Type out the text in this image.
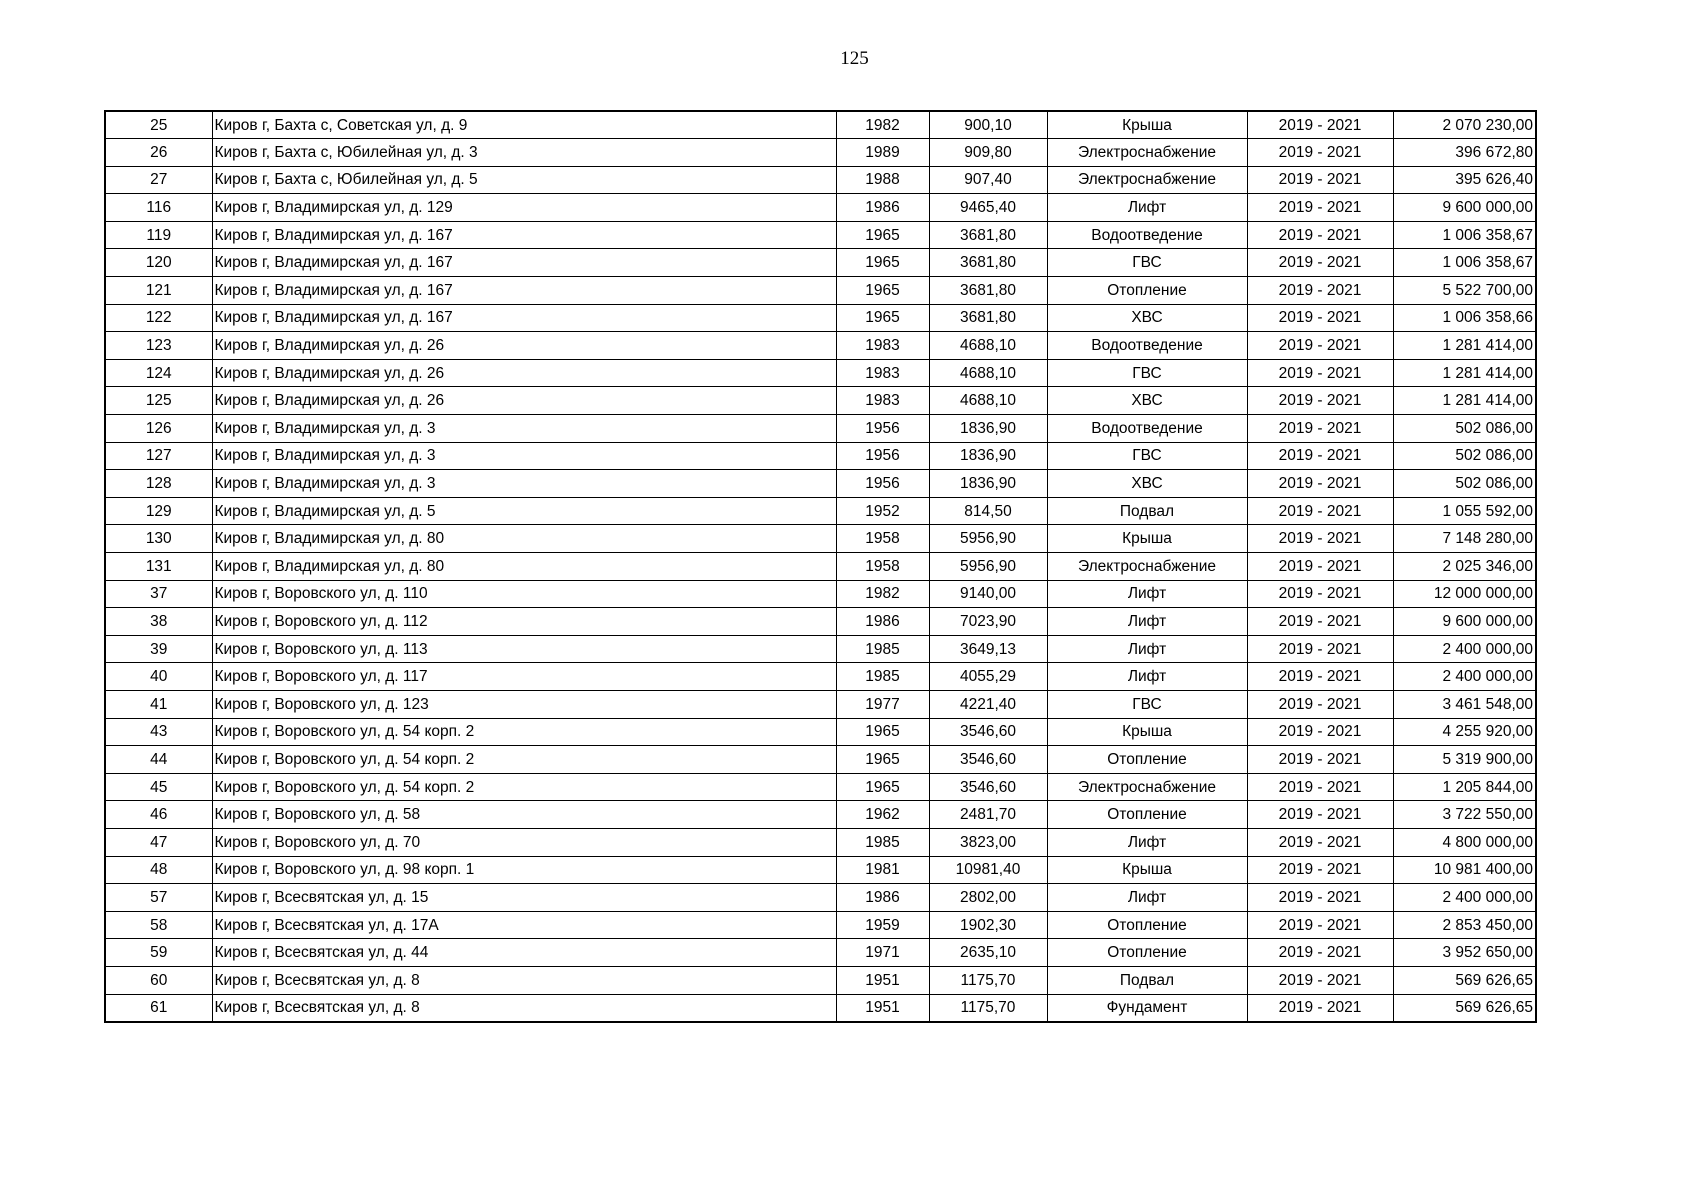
125
25	Киров г, Бахта с, Советская ул, д. 9	1982	900,10	Крыша	2019 - 2021	2 070 230,00
26	Киров г, Бахта с, Юбилейная ул, д. 3	1989	909,80	Электроснабжение	2019 - 2021	396 672,80
27	Киров г, Бахта с, Юбилейная ул, д. 5	1988	907,40	Электроснабжение	2019 - 2021	395 626,40
116	Киров г, Владимирская ул, д. 129	1986	9465,40	Лифт	2019 - 2021	9 600 000,00
119	Киров г, Владимирская ул, д. 167	1965	3681,80	Водоотведение	2019 - 2021	1 006 358,67
120	Киров г, Владимирская ул, д. 167	1965	3681,80	ГВС	2019 - 2021	1 006 358,67
121	Киров г, Владимирская ул, д. 167	1965	3681,80	Отопление	2019 - 2021	5 522 700,00
122	Киров г, Владимирская ул, д. 167	1965	3681,80	ХВС	2019 - 2021	1 006 358,66
123	Киров г, Владимирская ул, д. 26	1983	4688,10	Водоотведение	2019 - 2021	1 281 414,00
124	Киров г, Владимирская ул, д. 26	1983	4688,10	ГВС	2019 - 2021	1 281 414,00
125	Киров г, Владимирская ул, д. 26	1983	4688,10	ХВС	2019 - 2021	1 281 414,00
126	Киров г, Владимирская ул, д. 3	1956	1836,90	Водоотведение	2019 - 2021	502 086,00
127	Киров г, Владимирская ул, д. 3	1956	1836,90	ГВС	2019 - 2021	502 086,00
128	Киров г, Владимирская ул, д. 3	1956	1836,90	ХВС	2019 - 2021	502 086,00
129	Киров г, Владимирская ул, д. 5	1952	814,50	Подвал	2019 - 2021	1 055 592,00
130	Киров г, Владимирская ул, д. 80	1958	5956,90	Крыша	2019 - 2021	7 148 280,00
131	Киров г, Владимирская ул, д. 80	1958	5956,90	Электроснабжение	2019 - 2021	2 025 346,00
37	Киров г, Воровского ул, д. 110	1982	9140,00	Лифт	2019 - 2021	12 000 000,00
38	Киров г, Воровского ул, д. 112	1986	7023,90	Лифт	2019 - 2021	9 600 000,00
39	Киров г, Воровского ул, д. 113	1985	3649,13	Лифт	2019 - 2021	2 400 000,00
40	Киров г, Воровского ул, д. 117	1985	4055,29	Лифт	2019 - 2021	2 400 000,00
41	Киров г, Воровского ул, д. 123	1977	4221,40	ГВС	2019 - 2021	3 461 548,00
43	Киров г, Воровского ул, д. 54 корп. 2	1965	3546,60	Крыша	2019 - 2021	4 255 920,00
44	Киров г, Воровского ул, д. 54 корп. 2	1965	3546,60	Отопление	2019 - 2021	5 319 900,00
45	Киров г, Воровского ул, д. 54 корп. 2	1965	3546,60	Электроснабжение	2019 - 2021	1 205 844,00
46	Киров г, Воровского ул, д. 58	1962	2481,70	Отопление	2019 - 2021	3 722 550,00
47	Киров г, Воровского ул, д. 70	1985	3823,00	Лифт	2019 - 2021	4 800 000,00
48	Киров г, Воровского ул, д. 98 корп. 1	1981	10981,40	Крыша	2019 - 2021	10 981 400,00
57	Киров г, Всесвятская ул, д. 15	1986	2802,00	Лифт	2019 - 2021	2 400 000,00
58	Киров г, Всесвятская ул, д. 17А	1959	1902,30	Отопление	2019 - 2021	2 853 450,00
59	Киров г, Всесвятская ул, д. 44	1971	2635,10	Отопление	2019 - 2021	3 952 650,00
60	Киров г, Всесвятская ул, д. 8	1951	1175,70	Подвал	2019 - 2021	569 626,65
61	Киров г, Всесвятская ул, д. 8	1951	1175,70	Фундамент	2019 - 2021	569 626,65
